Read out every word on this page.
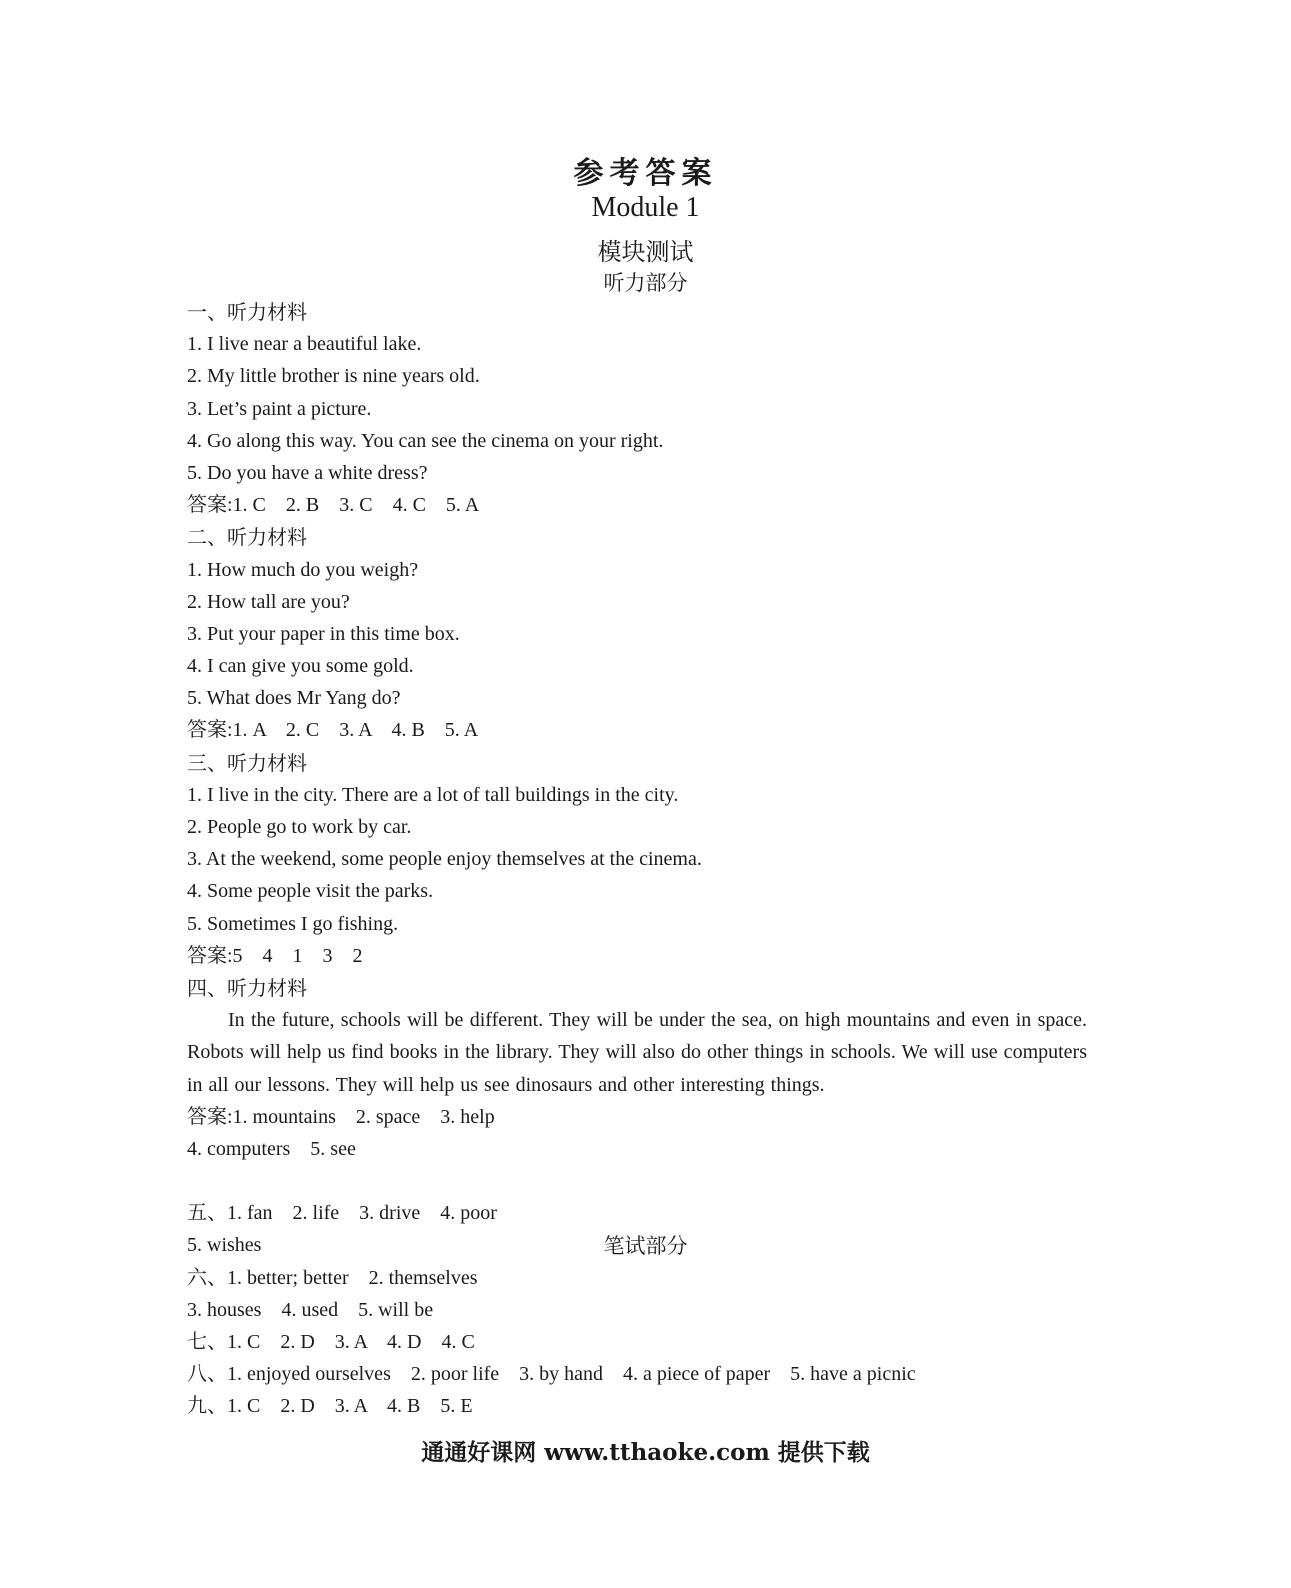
参考答案
Module 1
模块测试
听力部分
一、听力材料
1. I live near a beautiful lake.
2. My little brother is nine years old.
3. Let’s paint a picture.
4. Go along this way. You can see the cinema on your right.
5. Do you have a white dress?
答案:1. C    2. B    3. C    4. C    5. A
二、听力材料
1. How much do you weigh?
2. How tall are you?
3. Put your paper in this time box.
4. I can give you some gold.
5. What does Mr Yang do?
答案:1. A    2. C    3. A    4. B    5. A
三、听力材料
1. I live in the city. There are a lot of tall buildings in the city.
2. People go to work by car.
3. At the weekend, some people enjoy themselves at the cinema.
4. Some people visit the parks.
5. Sometimes I go fishing.
答案:5    4    1    3    2
四、听力材料
In the future, schools will be different. They will be under the sea, on high mountains and even in space. Robots will help us find books in the library. They will also do other things in schools. We will use computers in all our lessons. They will help us see dinosaurs and other interesting things.
答案:1. mountains    2. space    3. help
4. computers    5. see

笔试部分

五、1. fan    2. life    3. drive    4. poor
5. wishes
六、1. better; better    2. themselves
3. houses    4. used    5. will be
七、1. C    2. D    3. A    4. D    4. C
八、1. enjoyed ourselves    2. poor life    3. by hand    4. a piece of paper    5. have a picnic
九、1. C    2. D    3. A    4. B    5. E
通通好课网 www.tthaoke.com 提供下载
